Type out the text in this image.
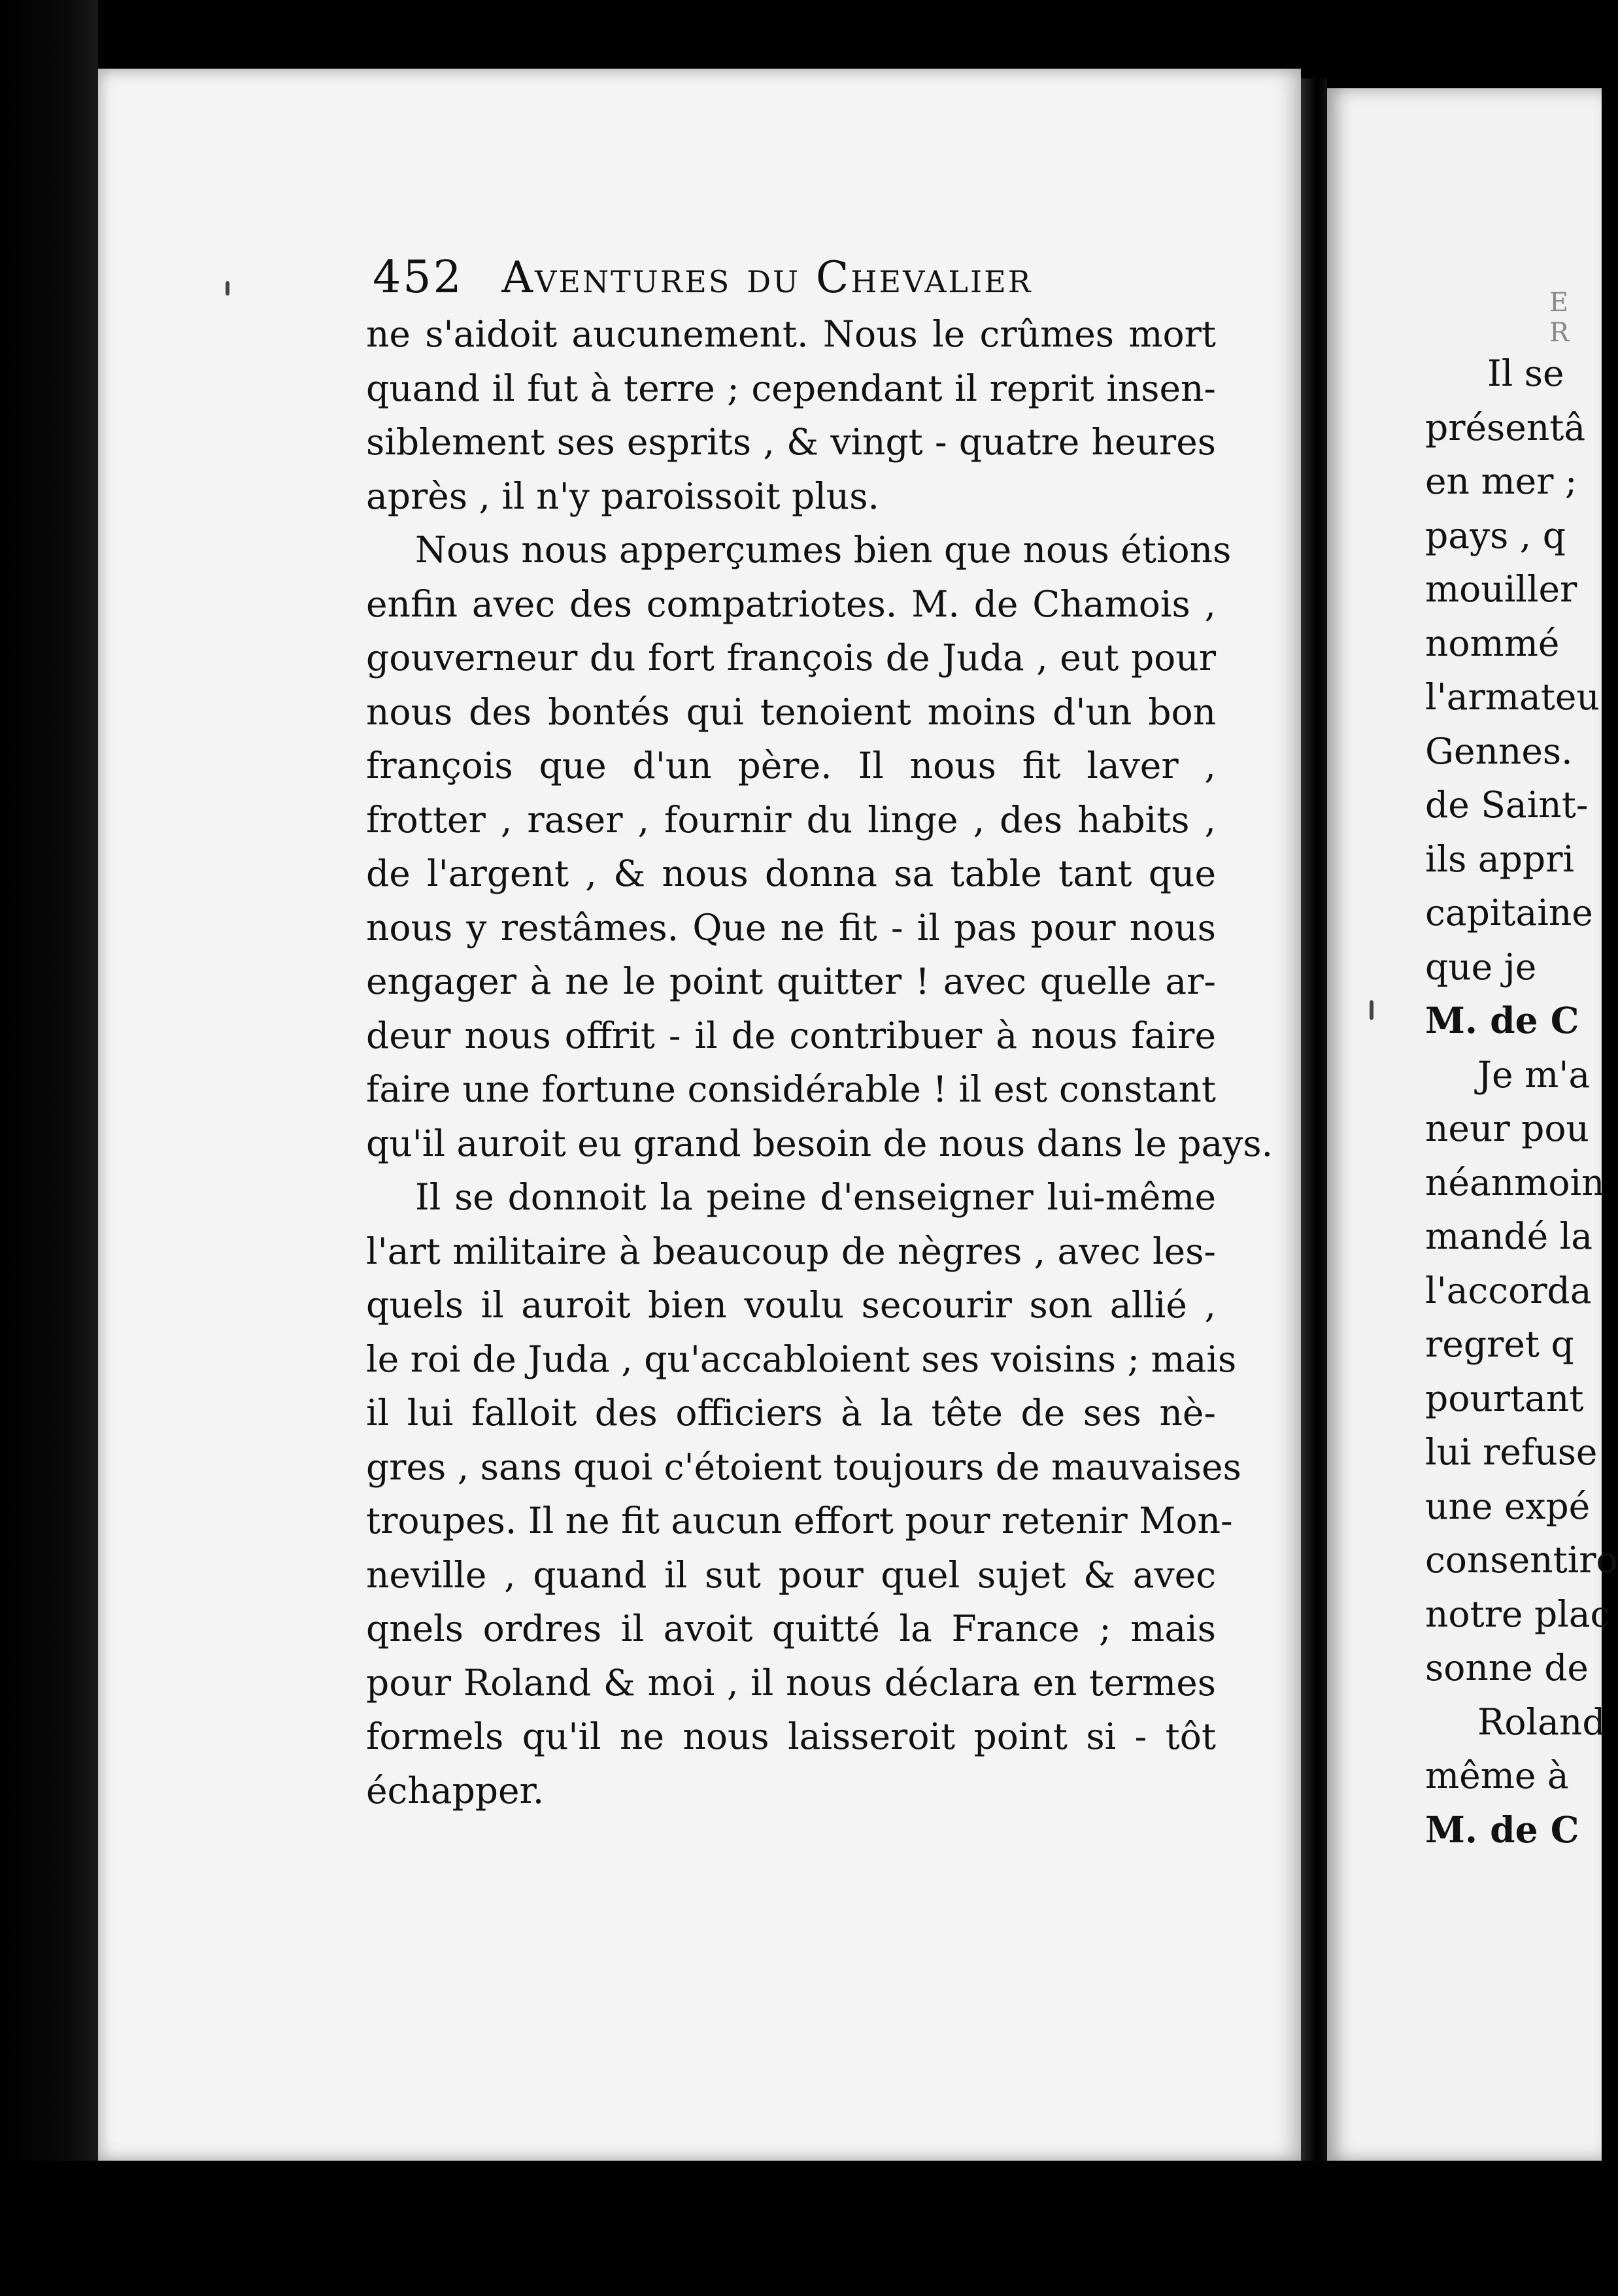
452 Aventures du Chevalier
ne s'aidoit aucunement. Nous le crûmes mort
quand il fut à terre ; cependant il reprit insen-
siblement ses esprits , & vingt - quatre heures
après , il n'y paroissoit plus.
Nous nous apperçumes bien que nous étions
enfin avec des compatriotes. M. de Chamois ,
gouverneur du fort françois de Juda , eut pour
nous des bontés qui tenoient moins d'un bon
françois que d'un père. Il nous fit laver ,
frotter , raser , fournir du linge , des habits ,
de l'argent , & nous donna sa table tant que
nous y restâmes. Que ne fit - il pas pour nous
engager à ne le point quitter ! avec quelle ar-
deur nous offrit - il de contribuer à nous faire
faire une fortune considérable ! il est constant
qu'il auroit eu grand besoin de nous dans le pays.
Il se donnoit la peine d'enseigner lui-même
l'art militaire à beaucoup de nègres , avec les-
quels il auroit bien voulu secourir son allié ,
le roi de Juda , qu'accabloient ses voisins ; mais
il lui falloit des officiers à la tête de ses nè-
gres , sans quoi c'étoient toujours de mauvaises
troupes. Il ne fit aucun effort pour retenir Mon-
neville , quand il sut pour quel sujet & avec
qnels ordres il avoit quitté la France ; mais
pour Roland & moi , il nous déclara en termes
formels qu'il ne nous laisseroit point si - tôt
échapper.
E R
Il se
présentâ
en mer ;
pays , q
mouiller
nommé
l'armateu
Gennes.
de Saint-
ils appri
capitaine
que je
M. de C
Je m'a
neur pou
néanmoin
mandé la
l'accorda
regret q
pourtant
lui refuse
une expé
consentiro
notre plac
sonne de
Roland
même à
M. de C
